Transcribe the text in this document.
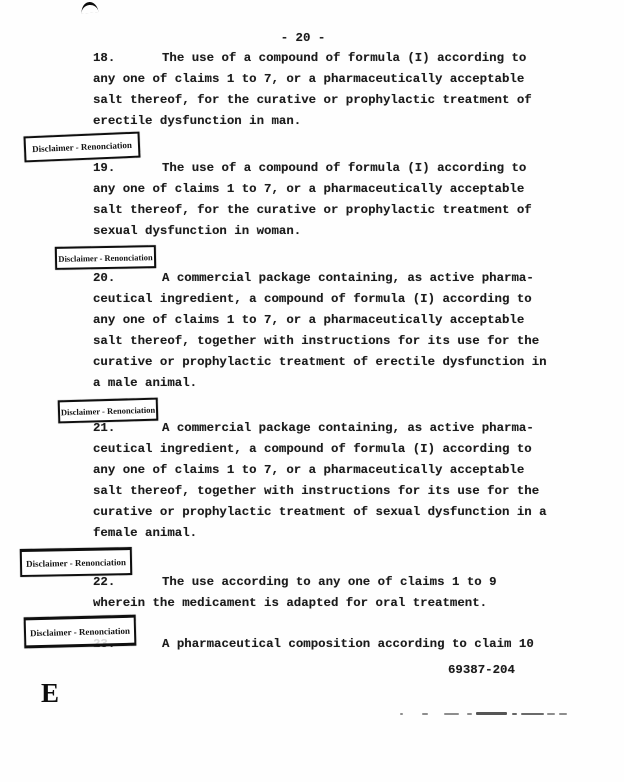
- 20 -
18.	The use of a compound of formula (I) according to
any one of claims 1 to 7, or a pharmaceutically acceptable
salt thereof, for the curative or prophylactic treatment of
erectile dysfunction in man.
19.	The use of a compound of formula (I) according to
any one of claims 1 to 7, or a pharmaceutically acceptable
salt thereof, for the curative or prophylactic treatment of
sexual dysfunction in woman.
20.	A commercial package containing, as active pharma-
ceutical ingredient, a compound of formula (I) according to
any one of claims 1 to 7, or a pharmaceutically acceptable
salt thereof, together with instructions for its use for the
curative or prophylactic treatment of erectile dysfunction in
a male animal.
21.	A commercial package containing, as active pharma-
ceutical ingredient, a compound of formula (I) according to
any one of claims 1 to 7, or a pharmaceutically acceptable
salt thereof, together with instructions for its use for the
curative or prophylactic treatment of sexual dysfunction in a
female animal.
22.	The use according to any one of claims 1 to 9
wherein the medicament is adapted for oral treatment.
A pharmaceutical composition according to claim 10
Disclaimer - Renonciation
Disclaimer - Renonciation
Disclaimer - Renonciation
Disclaimer - Renonciation
Disclaimer - Renonciation
69387-204
E
